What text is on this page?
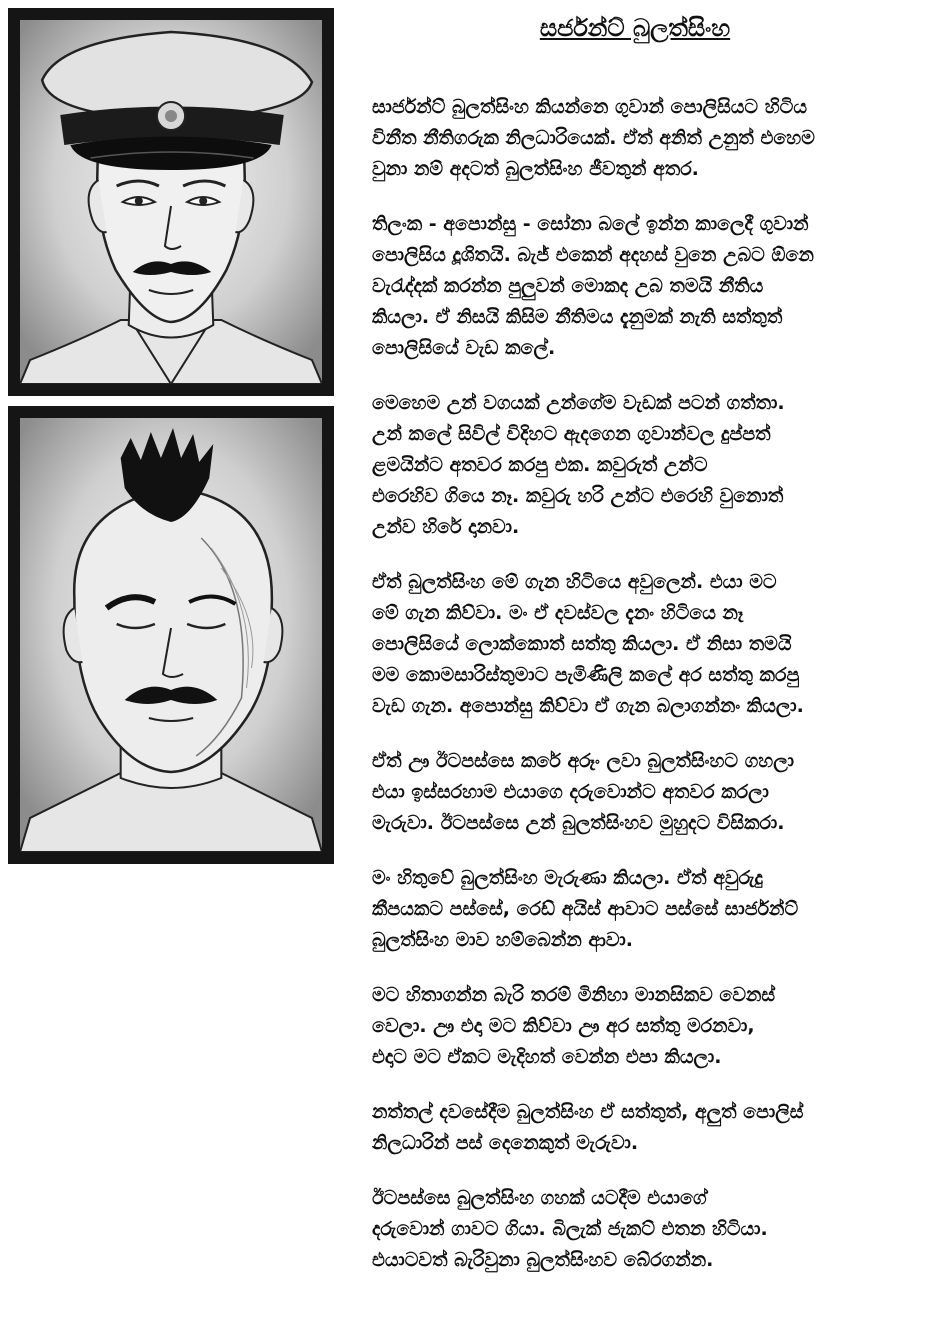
සර්ජන්ට් බුලත්සිංහ

සාර්ජන්ට් බුලත්සිංහ කියන්නෙ ගුවාන් පොලිසියට හිටිය
විනීත නීතිගරුක නිලධාරියෙක්. ඒත් අනිත් උනුත් එහෙම
වුනා නම් අදටත් බුලත්සිංහ ජීවතුන් අතර.

තිලංක - අපොන්සු - සෝනා බලේ ඉන්න කාලෙදී ගුවාන්
පොලිසිය දූශිතයි. බැජ් එකෙන් අදහස් වුනෙ උබට ඕනෙ
වැරැද්දක් කරන්න පුලුවන් මොකද උබ තමයි නීතිය
කියලා. ඒ නිසයි කිසිම නීතිමය දැනුමක් නැති සත්තුත්
පොලිසියේ වැඩ කලේ.

මෙහෙම උන් වගයක් උන්ගේම වැඩක් පටන් ගත්තා.
උන් කලේ සිවිල් විදිහට ඇදගෙන ගුවාන්වල දුප්පත්
ළමයින්ට අතවර කරපු එක. කවුරුත් උන්ට
එරෙහිව ගියෙ නෑ. කවුරු හරි උන්ට එරෙහි වුනොත්
උන්ව හිරේ දානවා.

ඒත් බුලත්සිංහ මේ ගැන හිටියෙ අවුලෙන්. එයා මට
මේ ගැන කිව්වා. මං ඒ දවස්වල දැනං හිටියෙ නෑ
පොලිසියේ ලොක්කොත් සත්තු කියලා. ඒ නිසා තමයි
මම කොමසාරිස්තුමාට පැමිණිලි කලේ අර සත්තු කරපු
වැඩ ගැන. අපොන්සු කිව්වා ඒ ගැන බලාගන්නං කියලා.

ඒත් ඌ ඊටපස්සෙ කරේ අරූං ලවා බුලත්සිංහට ගහලා
එයා ඉස්සරහාම එයාගෙ දරුවොන්ට අතවර කරලා
මැරුවා. ඊටපස්සෙ උන් බුලත්සිංහව මුහුදට විසිකරා.

මං හිතුවේ බුලත්සිංහ මැරුණා කියලා. ඒත් අවුරුදු
කීපයකට පස්සේ, රෙඩ් අයිස් ආවාට පස්සේ සාර්ජන්ට්
බුලත්සිංහ මාව හම්බෙන්න ආවා.

මට හිතාගන්න බැරි තරම් මිනිහා මානසිකව වෙනස්
වෙලා. ඌ එදා මට කිව්වා ඌ අර සත්තු මරනවා,
එදාට මට ඒකට මැදිහත් වෙන්න එපා කියලා.

නත්තල් දවසේදීම බුලත්සිංහ ඒ සත්තුත්, අලුත් පොලිස්
නිලධාරින් පස් දෙනෙකුත් මැරුවා.

ඊටපස්සෙ බුලත්සිංහ ගහක් යටදීම එයාගේ
දරුවොන් ගාවට ගියා. බිලැක් ජැකට් එතන හිටියා.
එයාටවත් බැරිවුනා බුලත්සිංහව බේරගන්න.
